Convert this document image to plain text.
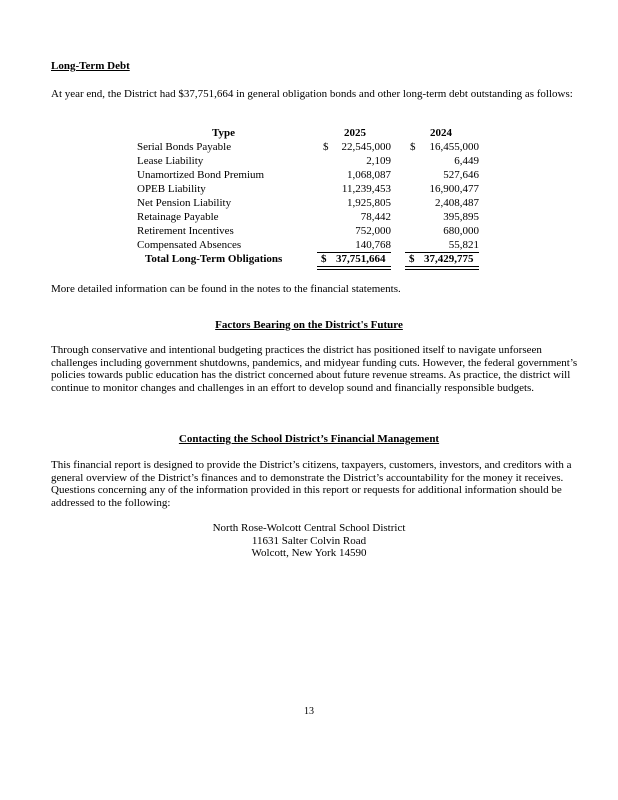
Long-Term Debt
At year end, the District had $37,751,664 in general obligation bonds and other long-term debt outstanding as follows:
Type	2025	2024
Serial Bonds Payable	$ 22,545,000 $ 16,455,000
Lease Liability	2,109	6,449
Unamortized Bond Premium	1,068,087	527,646
OPEB Liability	11,239,453	16,900,477
Net Pension Liability	1,925,805	2,408,487
Retainage Payable	78,442	395,895
Retirement Incentives	752,000	680,000
Compensated Absences	140,768	55,821
Total Long-Term Obligations	$ 37,751,664 $ 37,429,775
More detailed information can be found in the notes to the financial statements.
Factors Bearing on the District's Future
Through conservative and intentional budgeting practices the district has positioned itself to navigate unforseen challenges including government shutdowns, pandemics, and midyear funding cuts. However, the federal government’s policies towards public education has the district concerned about future revenue streams. As practice, the district will continue to monitor changes and challenges in an effort to develop sound and financially responsible budgets.
Contacting the School District’s Financial Management
This financial report is designed to provide the District’s citizens, taxpayers, customers, investors, and creditors with a general overview of the District’s finances and to demonstrate the District’s accountability for the money it receives. Questions concerning any of the information provided in this report or requests for additional information should be addressed to the following:
North Rose-Wolcott Central School District
11631 Salter Colvin Road
Wolcott, New York 14590
13
